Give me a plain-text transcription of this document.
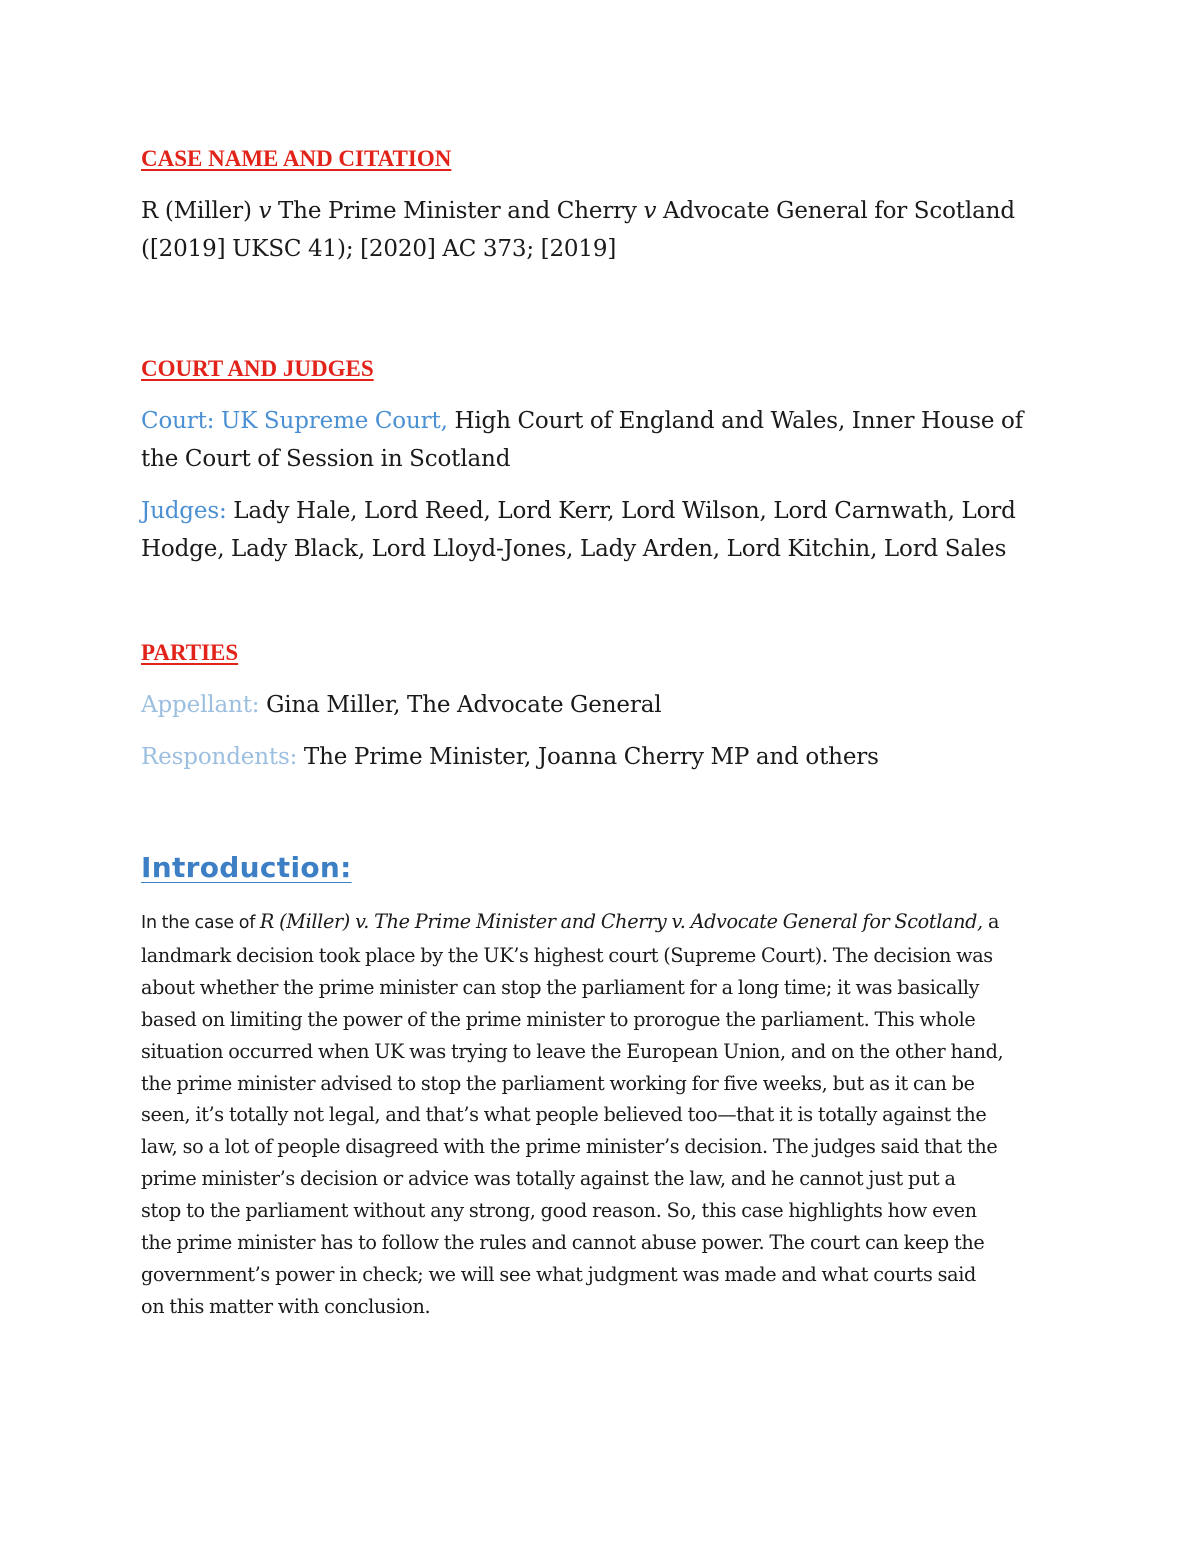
CASE NAME AND CITATION

R (Miller) v The Prime Minister and Cherry v Advocate General for Scotland
([2019] UKSC 41); [2020] AC 373; [2019]

COURT AND JUDGES

Court: UK Supreme Court, High Court of England and Wales, Inner House of
the Court of Session in Scotland

Judges: Lady Hale, Lord Reed, Lord Kerr, Lord Wilson, Lord Carnwath, Lord
Hodge, Lady Black, Lord Lloyd-Jones, Lady Arden, Lord Kitchin, Lord Sales

PARTIES

Appellant: Gina Miller, The Advocate General

Respondents: The Prime Minister, Joanna Cherry MP and others

Introduction:

In the case of R (Miller) v. The Prime Minister and Cherry v. Advocate General for Scotland, a

landmark decision took place by the UK’s highest court (Supreme Court). The decision was

about whether the prime minister can stop the parliament for a long time; it was basically

based on limiting the power of the prime minister to prorogue the parliament. This whole

situation occurred when UK was trying to leave the European Union, and on the other hand,

the prime minister advised to stop the parliament working for five weeks, but as it can be

seen, it’s totally not legal, and that’s what people believed too—that it is totally against the

law, so a lot of people disagreed with the prime minister’s decision. The judges said that the

prime minister’s decision or advice was totally against the law, and he cannot just put a

stop to the parliament without any strong, good reason. So, this case highlights how even

the prime minister has to follow the rules and cannot abuse power. The court can keep the

government’s power in check; we will see what judgment was made and what courts said

on this matter with conclusion.
